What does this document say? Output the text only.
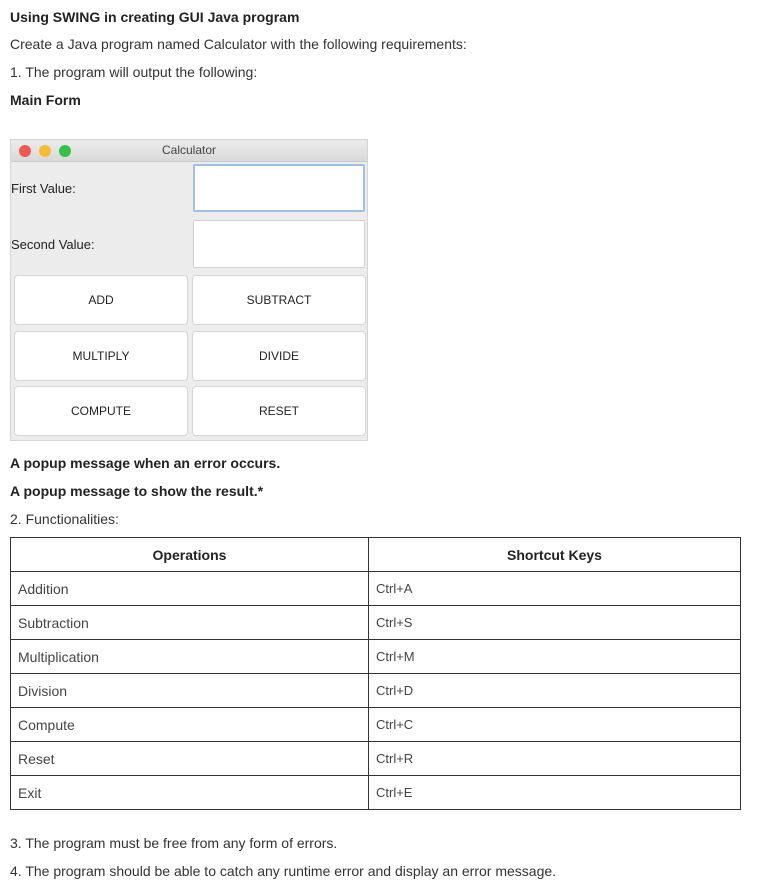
Using SWING in creating GUI Java program
Create a Java program named Calculator with the following requirements:
1. The program will output the following:
Main Form
Calculator
First Value:
Second Value:
ADD	SUBTRACT
MULTIPLY	DIVIDE
COMPUTE	RESET
A popup message when an error occurs.
A popup message to show the result.*
2. Functionalities:
Operations	Shortcut Keys
Addition	Ctrl+A
Subtraction	Ctrl+S
Multiplication	Ctrl+M
Division	Ctrl+D
Compute	Ctrl+C
Reset	Ctrl+R
Exit	Ctrl+E
3. The program must be free from any form of errors.
4. The program should be able to catch any runtime error and display an error message.
